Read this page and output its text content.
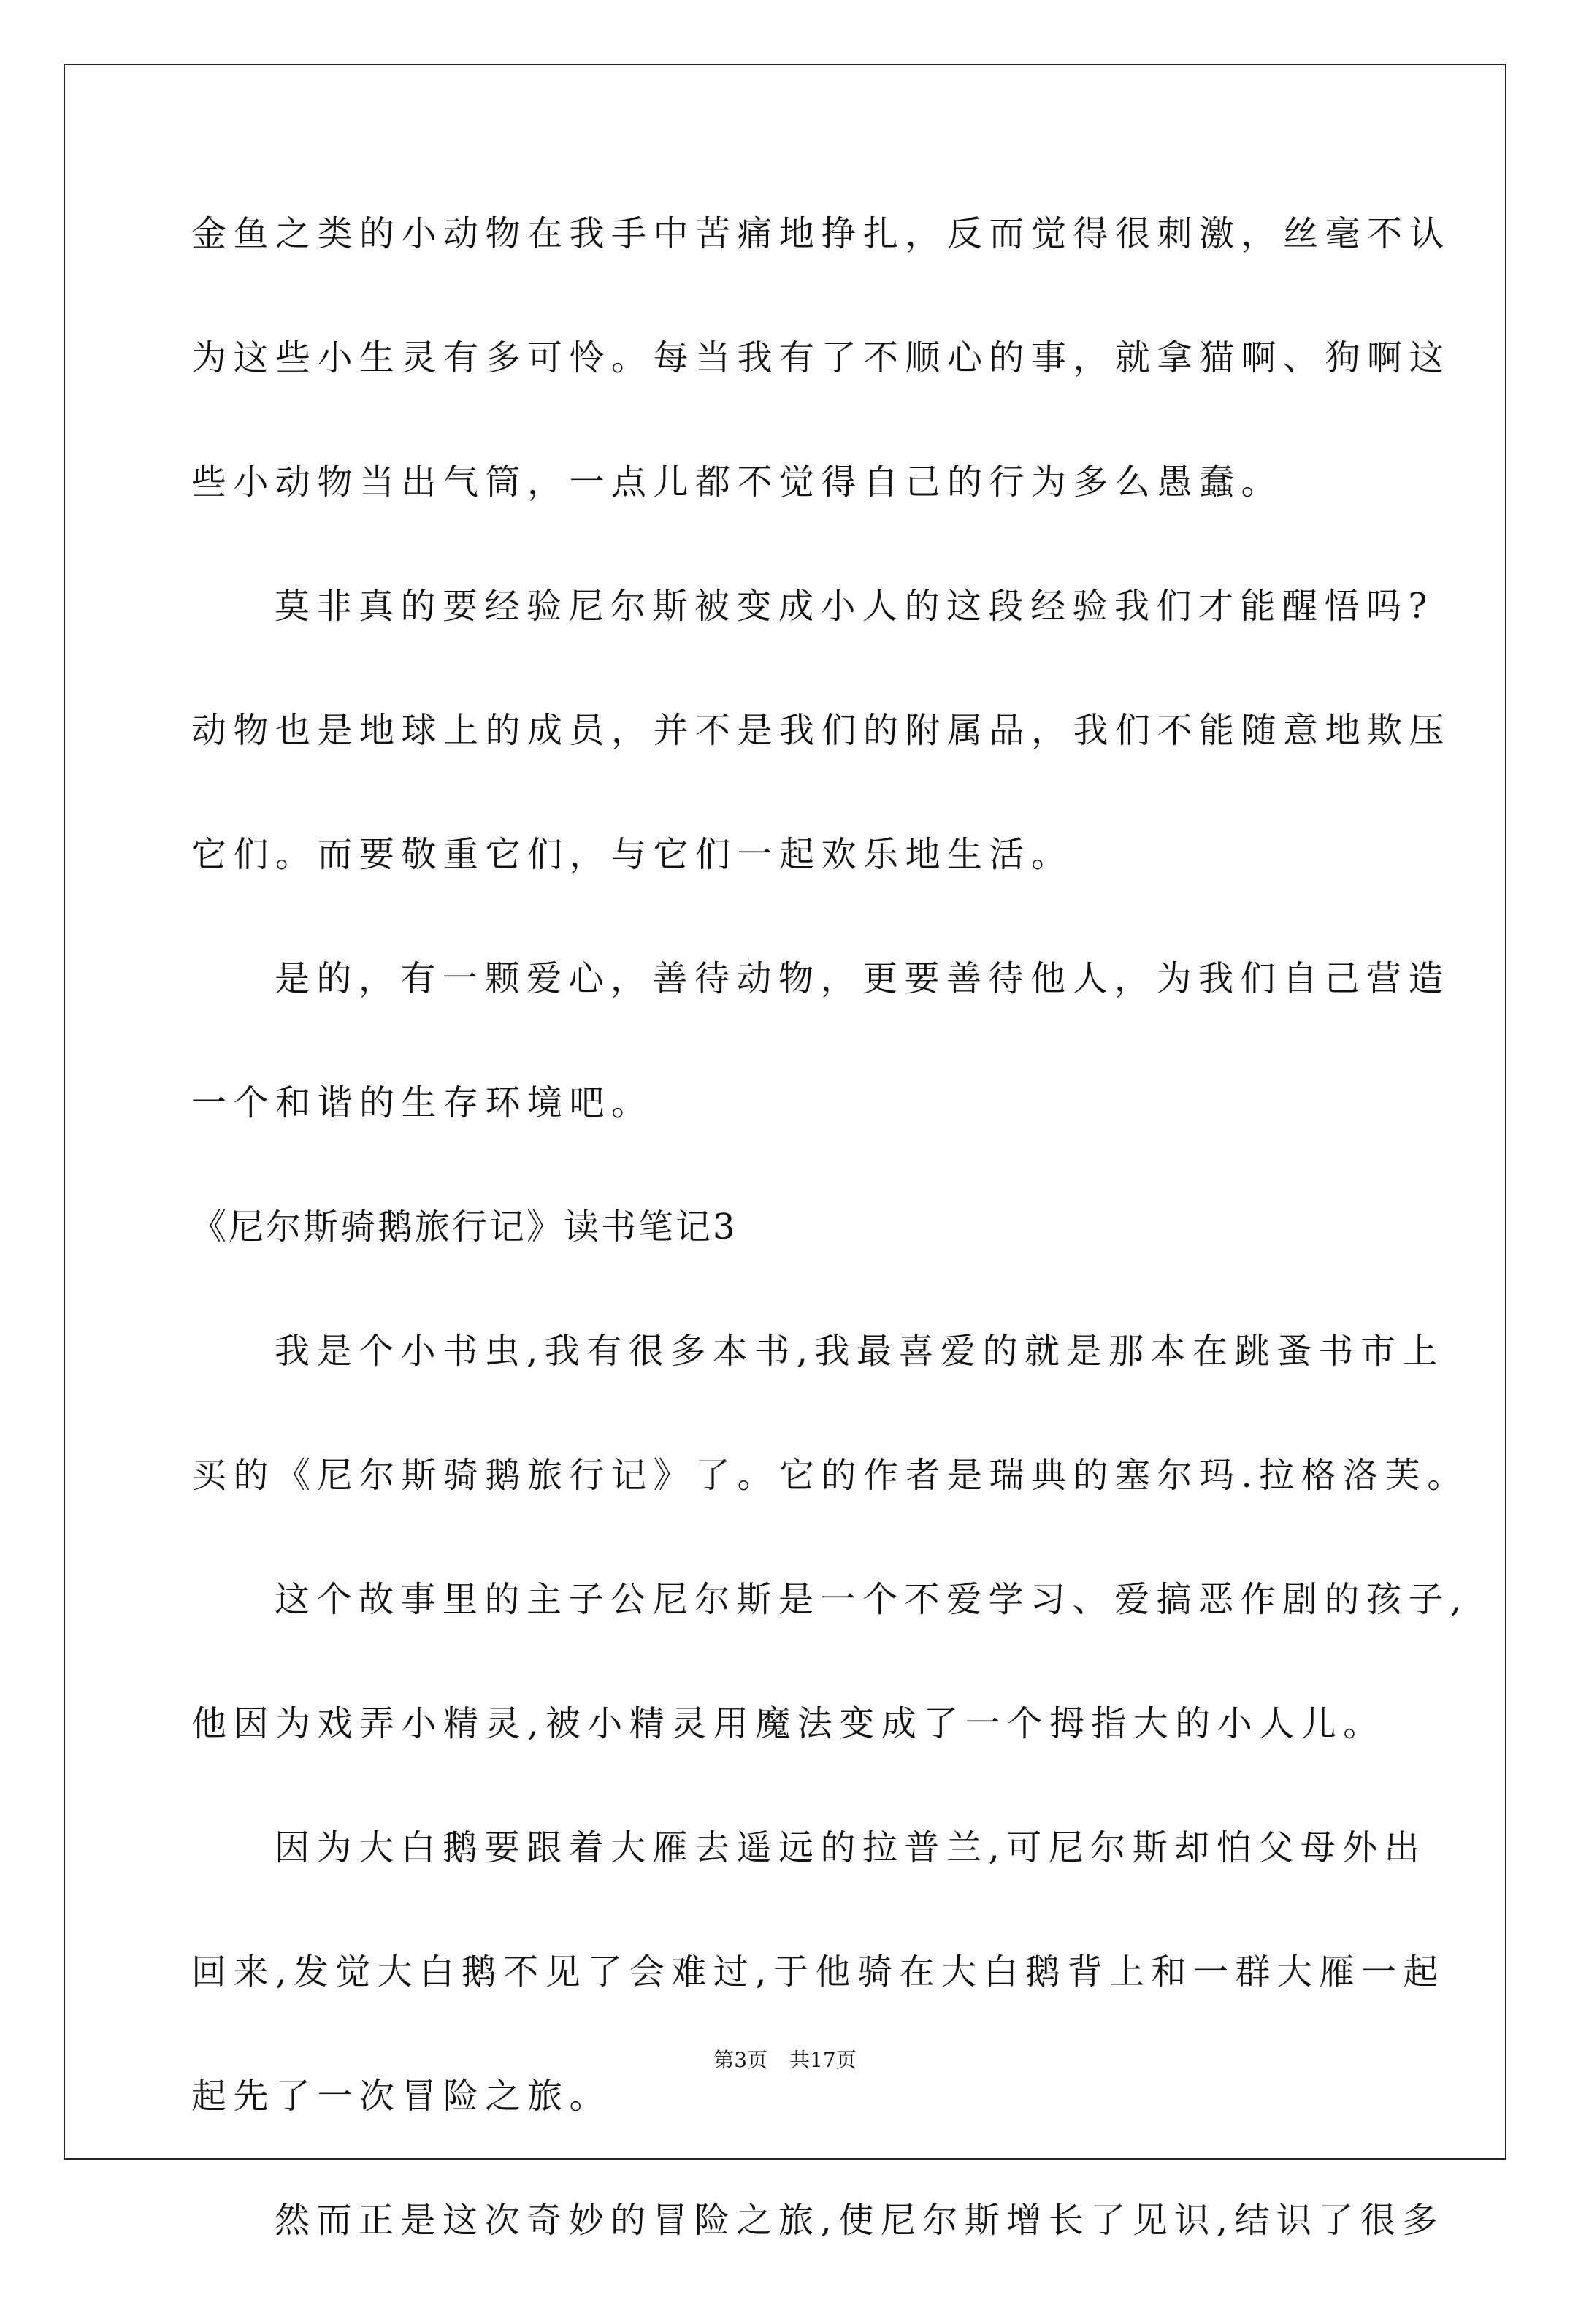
金鱼之类的小动物在我手中苦痛地挣扎，反而觉得很刺激，丝毫不认
为这些小生灵有多可怜。每当我有了不顺心的事，就拿猫啊、狗啊这
些小动物当出气筒，一点儿都不觉得自己的行为多么愚蠢。
莫非真的要经验尼尔斯被变成小人的这段经验我们才能醒悟吗?
动物也是地球上的成员，并不是我们的附属品，我们不能随意地欺压
它们。而要敬重它们，与它们一起欢乐地生活。
是的，有一颗爱心，善待动物，更要善待他人，为我们自己营造
一个和谐的生存环境吧。
《尼尔斯骑鹅旅行记》读书笔记3
我是个小书虫,我有很多本书,我最喜爱的就是那本在跳蚤书市上
买的《尼尔斯骑鹅旅行记》了。它的作者是瑞典的塞尔玛.拉格洛芙。
这个故事里的主子公尼尔斯是一个不爱学习、爱搞恶作剧的孩子,
他因为戏弄小精灵,被小精灵用魔法变成了一个拇指大的小人儿。
因为大白鹅要跟着大雁去遥远的拉普兰,可尼尔斯却怕父母外出
回来,发觉大白鹅不见了会难过,于他骑在大白鹅背上和一群大雁一起
起先了一次冒险之旅。
然而正是这次奇妙的冒险之旅,使尼尔斯增长了见识,结识了很多
第3页 共17页
